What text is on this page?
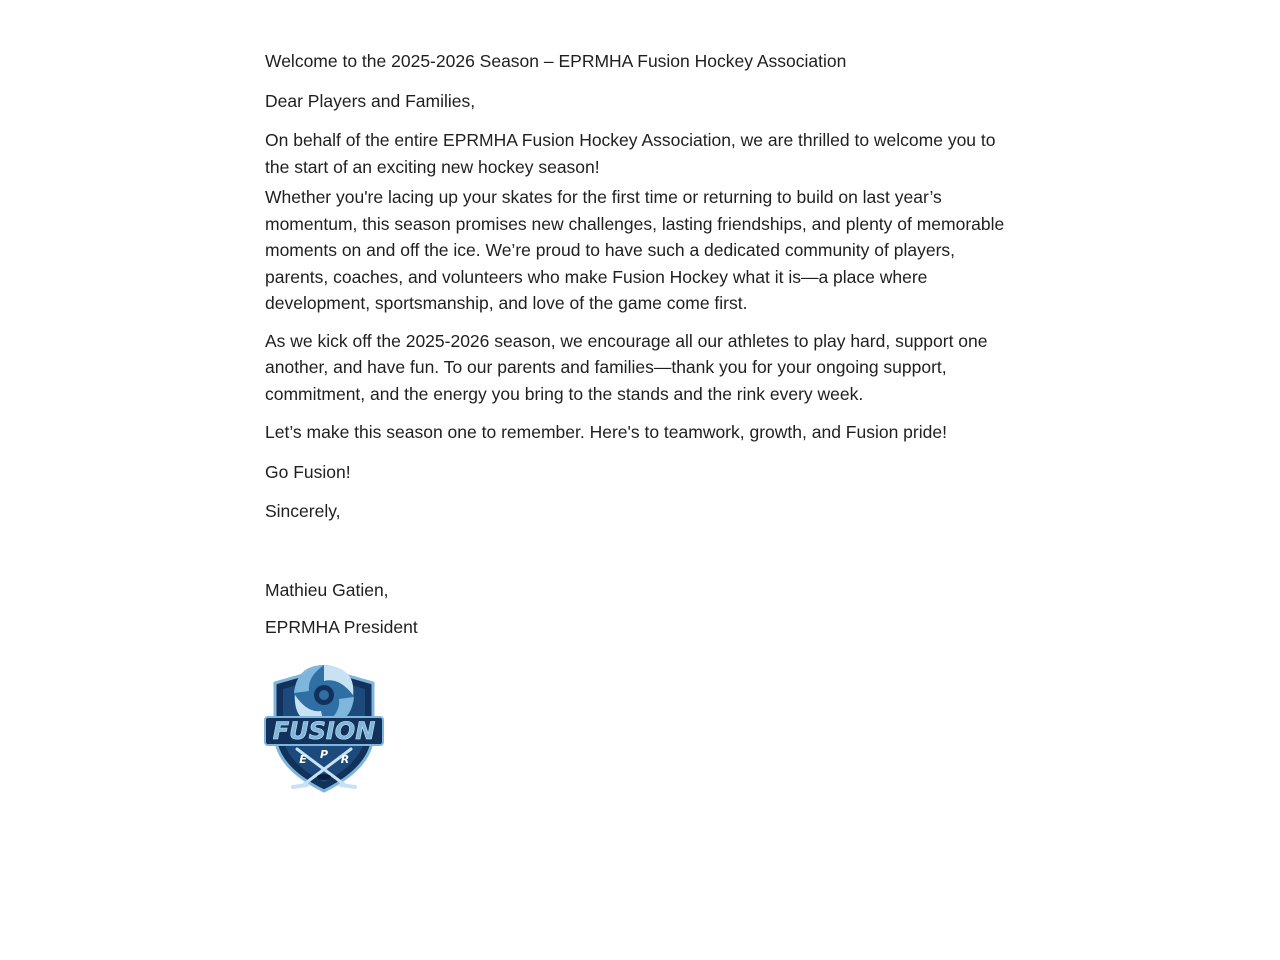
Welcome to the 2025-2026 Season – EPRMHA Fusion Hockey Association

Dear Players and Families,

On behalf of the entire EPRMHA Fusion Hockey Association, we are thrilled to welcome you to the start of an exciting new hockey season!

Whether you're lacing up your skates for the first time or returning to build on last year’s momentum, this season promises new challenges, lasting friendships, and plenty of memorable moments on and off the ice. We’re proud to have such a dedicated community of players, parents, coaches, and volunteers who make Fusion Hockey what it is—a place where development, sportsmanship, and love of the game come first.

As we kick off the 2025-2026 season, we encourage all our athletes to play hard, support one another, and have fun. To our parents and families—thank you for your ongoing support, commitment, and the energy you bring to the stands and the rink every week.

Let’s make this season one to remember. Here's to teamwork, growth, and Fusion pride!

Go Fusion!

Sincerely,

Mathieu Gatien,

EPRMHA President

FUSION
E P R
